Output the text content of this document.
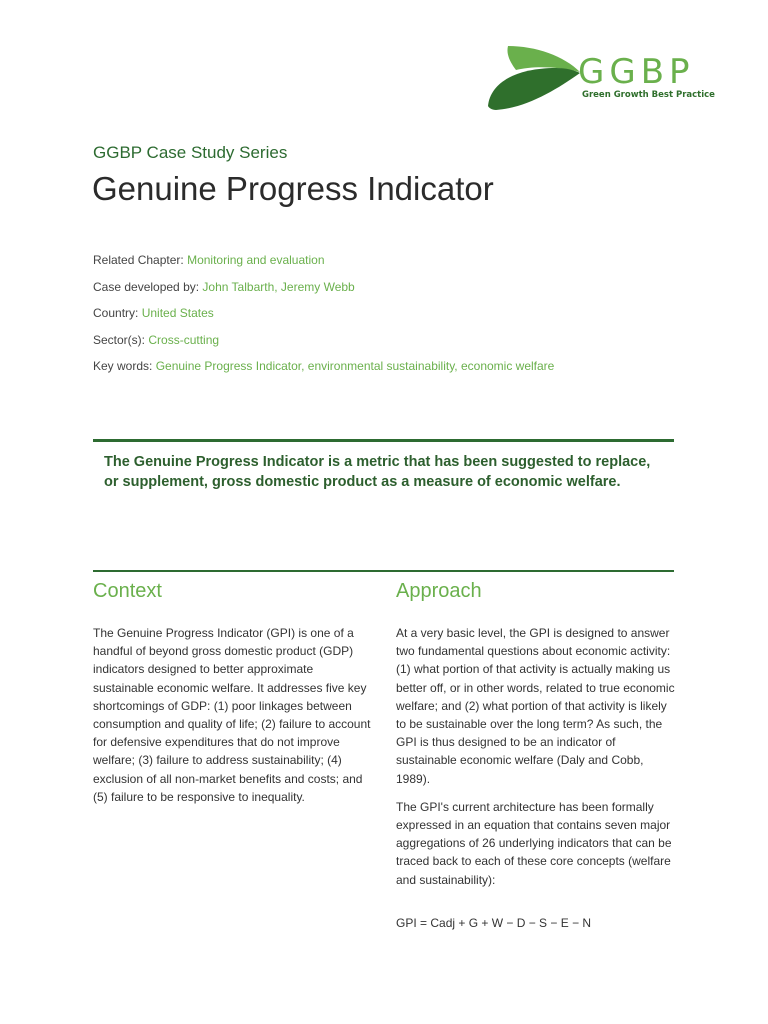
GGBP
Green Growth Best Practice
GGBP Case Study Series
Genuine Progress Indicator
Related Chapter: Monitoring and evaluation
Case developed by: John Talbarth, Jeremy Webb
Country: United States
Sector(s): Cross-cutting
Key words: Genuine Progress Indicator, environmental sustainability, economic welfare
The Genuine Progress Indicator is a metric that has been suggested to replace, or supplement, gross domestic product as a measure of economic welfare.
Context

The Genuine Progress Indicator (GPI) is one of a handful of beyond gross domestic product (GDP) indicators designed to better approximate sustainable economic welfare. It addresses five key shortcomings of GDP: (1) poor linkages between consumption and quality of life; (2) failure to account for defensive expenditures that do not improve welfare; (3) failure to address sustainability; (4) exclusion of all non-market benefits and costs; and (5) failure to be responsive to inequality.

Approach

At a very basic level, the GPI is designed to answer two fundamental questions about economic activity: (1) what portion of that activity is actually making us better off, or in other words, related to true economic welfare; and (2) what portion of that activity is likely to be sustainable over the long term? As such, the GPI is thus designed to be an indicator of sustainable economic welfare (Daly and Cobb, 1989).

The GPI's current architecture has been formally expressed in an equation that contains seven major aggregations of 26 underlying indicators that can be traced back to each of these core concepts (welfare and sustainability):

GPI = Cadj + G + W − D − S − E − N
